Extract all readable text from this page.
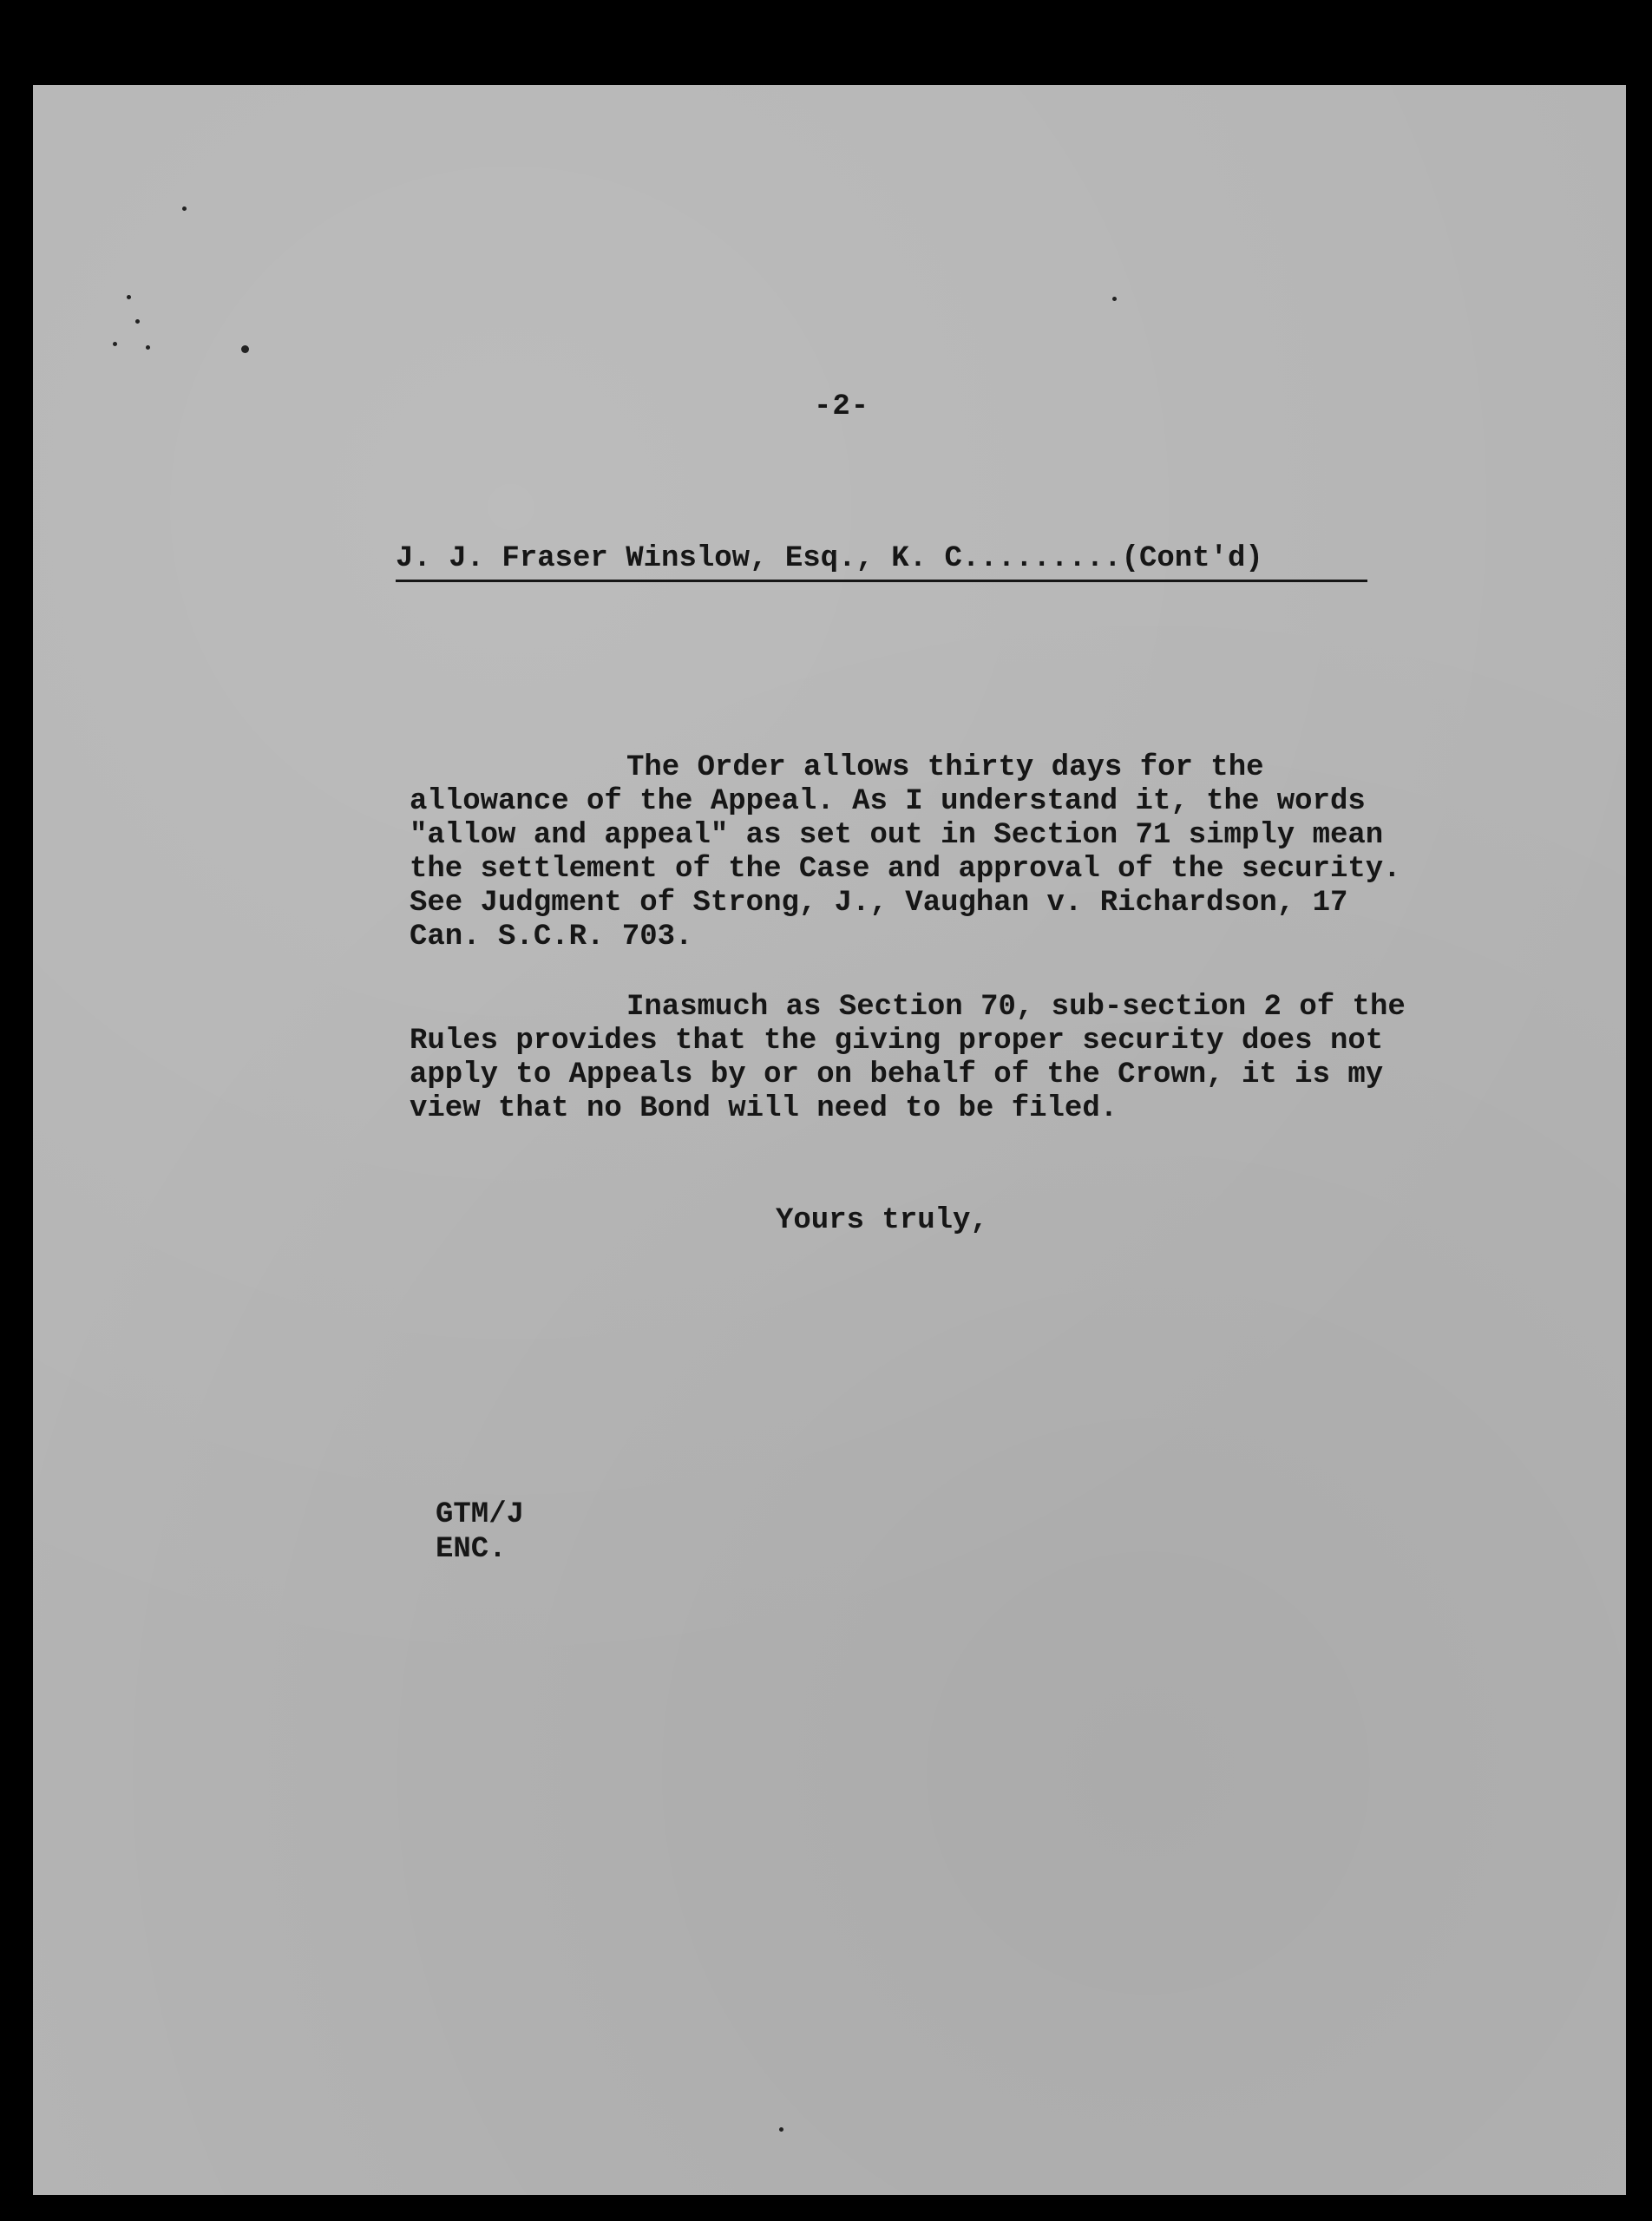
-2-
J. J. Fraser Winslow, Esq., K. C.........(Cont'd)

The Order allows thirty days for the allowance of the Appeal. As I understand it, the words "allow and appeal" as set out in Section 71 simply mean the settlement of the Case and approval of the security. See Judgment of Strong, J., Vaughan v. Richardson, 17 Can. S.C.R. 703.

Inasmuch as Section 70, sub-section 2 of the Rules provides that the giving proper security does not apply to Appeals by or on behalf of the Crown, it is my view that no Bond will need to be filed.

Yours truly,
GTM/J
ENC.
